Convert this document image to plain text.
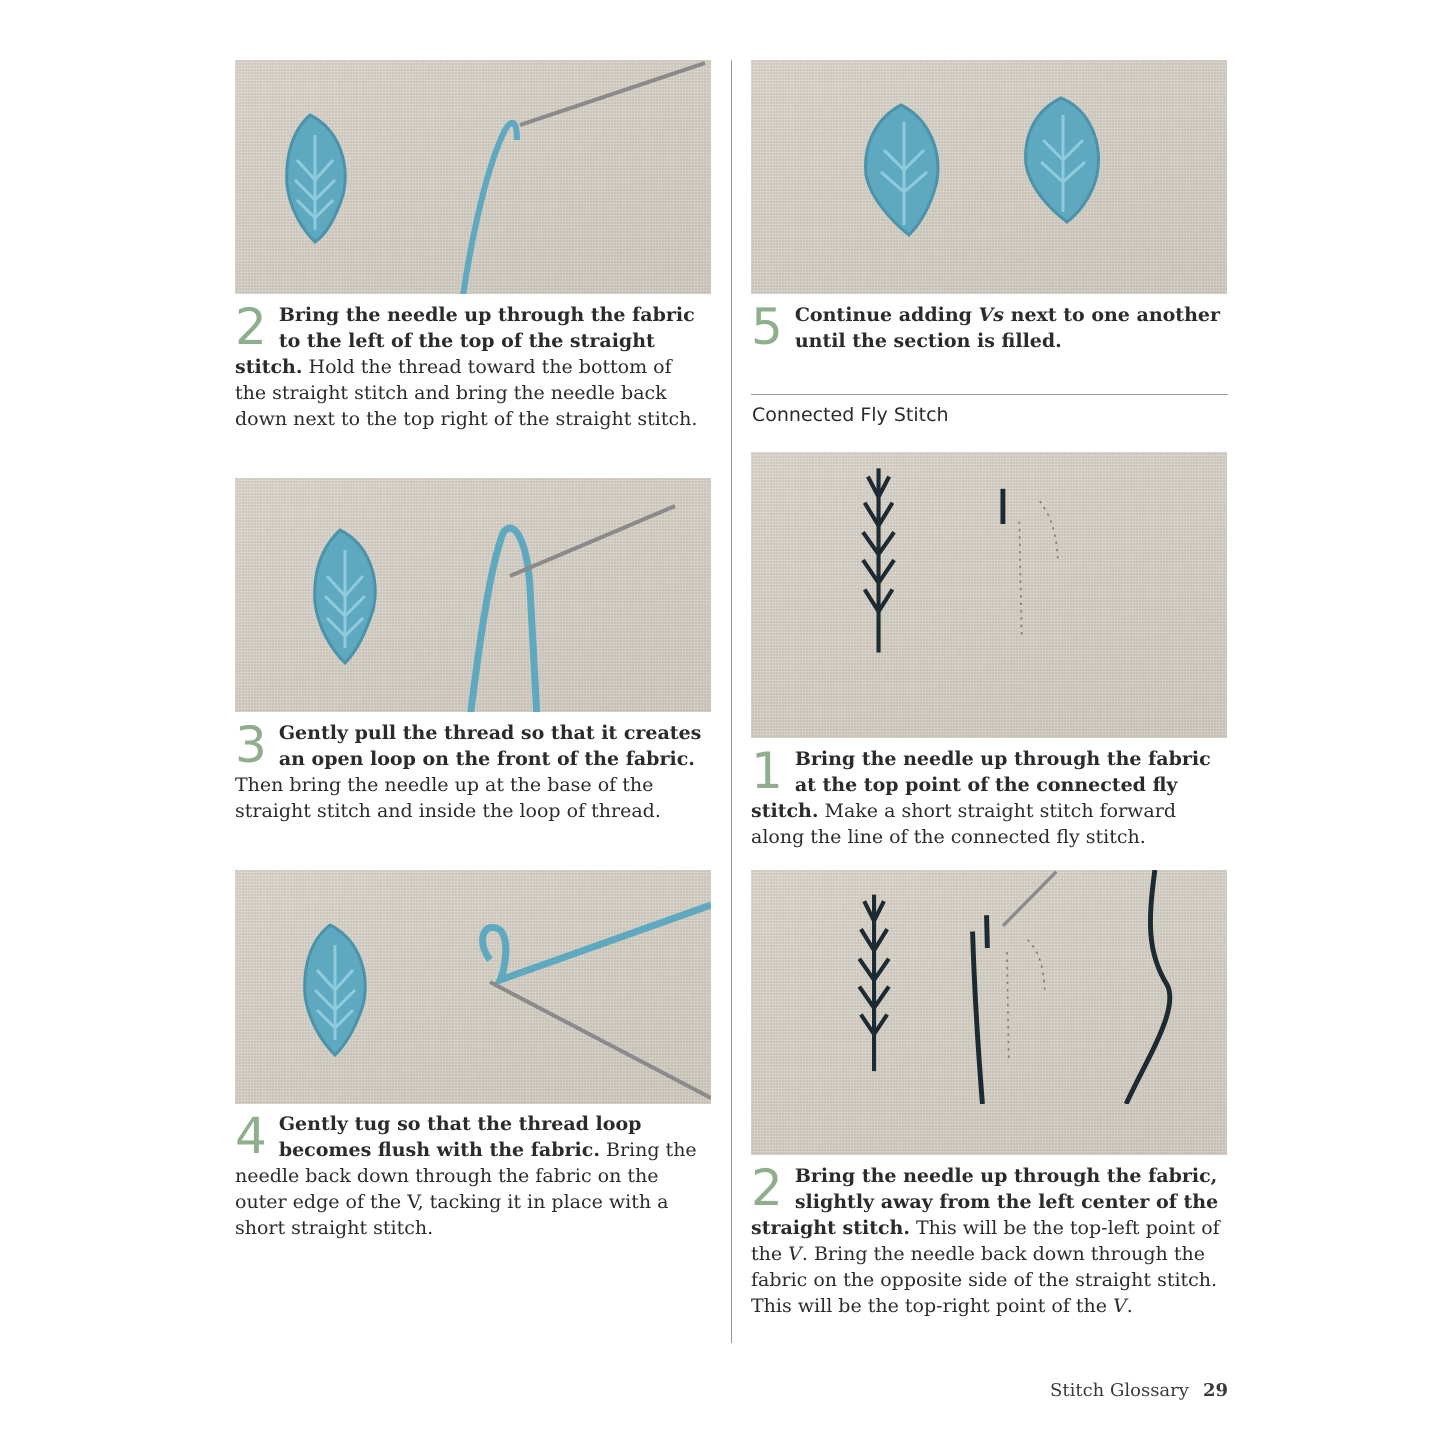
2 Bring the needle up through the fabric to the left of the top of the straight stitch. Hold the thread toward the bottom of the straight stitch and bring the needle back down next to the top right of the straight stitch.
3 Gently pull the thread so that it creates an open loop on the front of the fabric. Then bring the needle up at the base of the straight stitch and inside the loop of thread.
4 Gently tug so that the thread loop becomes flush with the fabric. Bring the needle back down through the fabric on the outer edge of the V, tacking it in place with a short straight stitch.
5 Continue adding Vs next to one another until the section is filled.
Connected Fly Stitch
1 Bring the needle up through the fabric at the top point of the connected fly stitch. Make a short straight stitch forward along the line of the connected fly stitch.
2 Bring the needle up through the fabric, slightly away from the left center of the straight stitch. This will be the top-left point of the V. Bring the needle back down through the fabric on the opposite side of the straight stitch. This will be the top-right point of the V.
Stitch Glossary 29
